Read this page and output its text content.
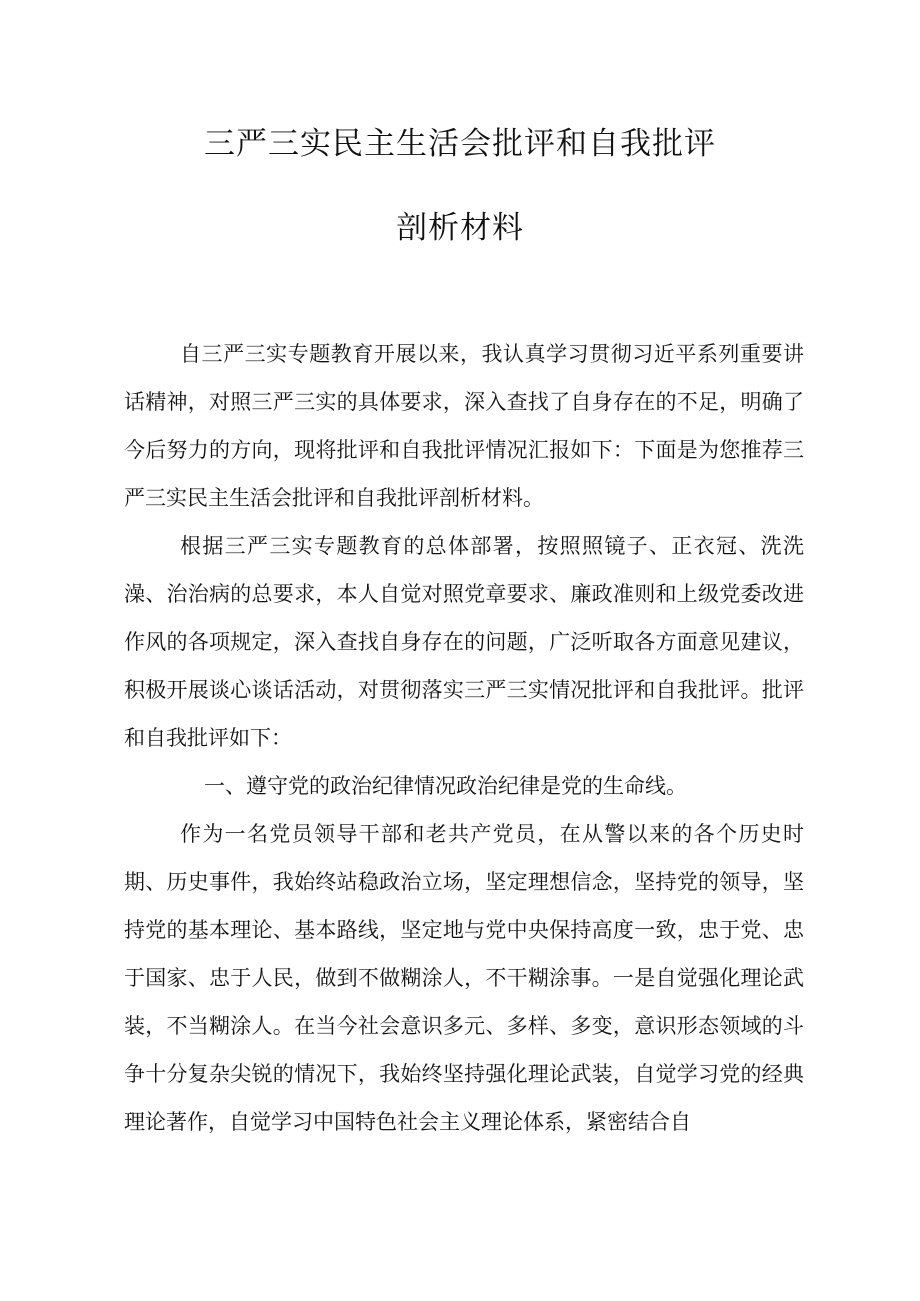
三严三实民主生活会批评和自我批评
剖析材料

自三严三实专题教育开展以来，我认真学习贯彻习近平系列重要讲话精神，对照三严三实的具体要求，深入查找了自身存在的不足，明确了今后努力的方向，现将批评和自我批评情况汇报如下：下面是为您推荐三严三实民主生活会批评和自我批评剖析材料。

根据三严三实专题教育的总体部署，按照照镜子、正衣冠、洗洗澡、治治病的总要求，本人自觉对照党章要求、廉政准则和上级党委改进作风的各项规定，深入查找自身存在的问题，广泛听取各方面意见建议，积极开展谈心谈话活动，对贯彻落实三严三实情况批评和自我批评。批评和自我批评如下：

一、遵守党的政治纪律情况政治纪律是党的生命线。

作为一名党员领导干部和老共产党员，在从警以来的各个历史时期、历史事件，我始终站稳政治立场，坚定理想信念，坚持党的领导，坚持党的基本理论、基本路线，坚定地与党中央保持高度一致，忠于党、忠于国家、忠于人民，做到不做糊涂人，不干糊涂事。一是自觉强化理论武装，不当糊涂人。在当今社会意识多元、多样、多变，意识形态领域的斗争十分复杂尖锐的情况下，我始终坚持强化理论武装，自觉学习党的经典理论著作，自觉学习中国特色社会主义理论体系，紧密结合自
